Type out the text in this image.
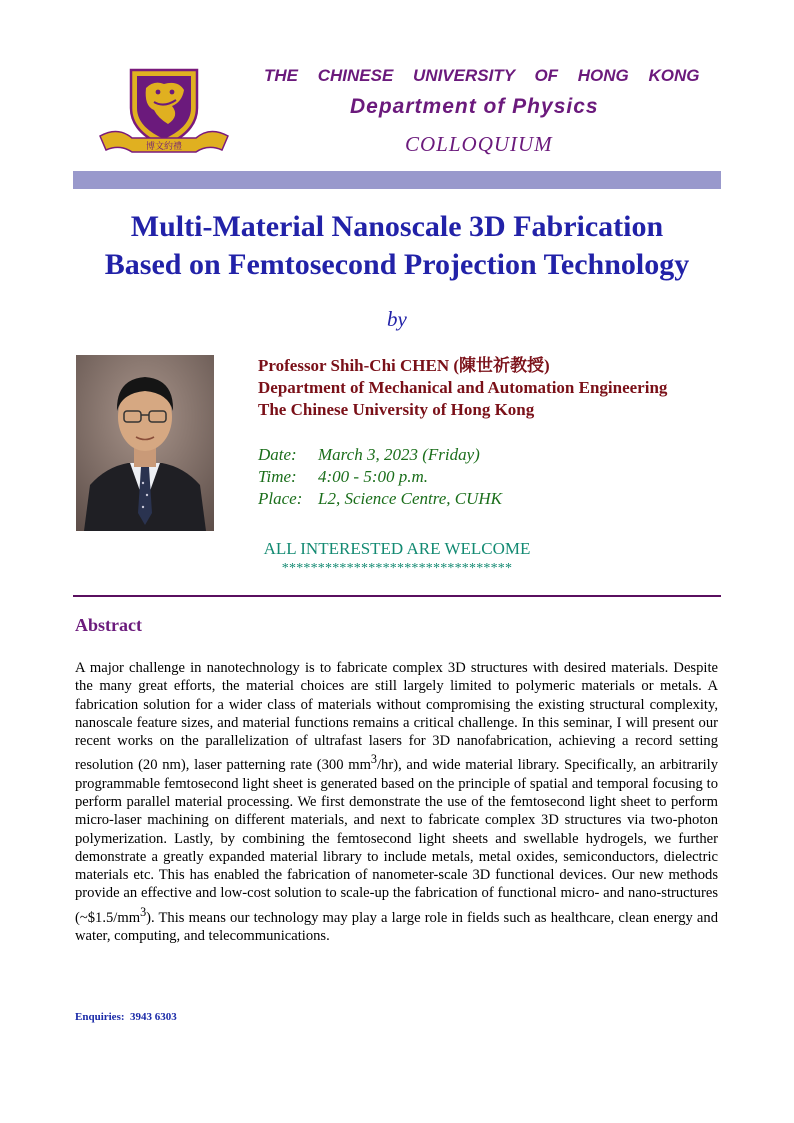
博文約禮
THE CHINESE UNIVERSITY OF HONG KONG
Department of Physics
COLLOQUIUM
Multi-Material Nanoscale 3D Fabrication
Based on Femtosecond Projection Technology
by
Professor Shih-Chi CHEN (陳世祈教授)
Department of Mechanical and Automation Engineering
The Chinese University of Hong Kong
Date:	March 3, 2023 (Friday)
Time:	4:00 - 5:00 p.m.
Place: L2, Science Centre, CUHK
ALL INTERESTED ARE WELCOME
********************************
Abstract
A major challenge in nanotechnology is to fabricate complex 3D structures with desired materials. Despite the many great efforts, the material choices are still largely limited to polymeric materials or metals. A fabrication solution for a wider class of materials without compromising the existing structural complexity, nanoscale feature sizes, and material functions remains a critical challenge. In this seminar, I will present our recent works on the parallelization of ultrafast lasers for 3D nanofabrication, achieving a record setting resolution (20 nm), laser patterning rate (300 $mm^3/hr$), and wide material library. Specifically, an arbitrarily programmable femtosecond light sheet is generated based on the principle of spatial and temporal focusing to perform parallel material processing. We first demonstrate the use of the femtosecond light sheet to perform micro-laser machining on different materials, and next to fabricate complex 3D structures via two-photon polymerization. Lastly, by combining the femtosecond light sheets and swellable hydrogels, we further demonstrate a greatly expanded material library to include metals, metal oxides, semiconductors, dielectric materials etc. This has enabled the fabrication of nanometer-scale 3D functional devices. Our new methods provide an effective and low-cost solution to scale-up the fabrication of functional micro- and nano-structures $(\sim\$1.5/mm^3)$. This means our technology may play a large role in fields such as healthcare, clean energy and water, computing, and telecommunications.
Enquiries:  3943 6303
